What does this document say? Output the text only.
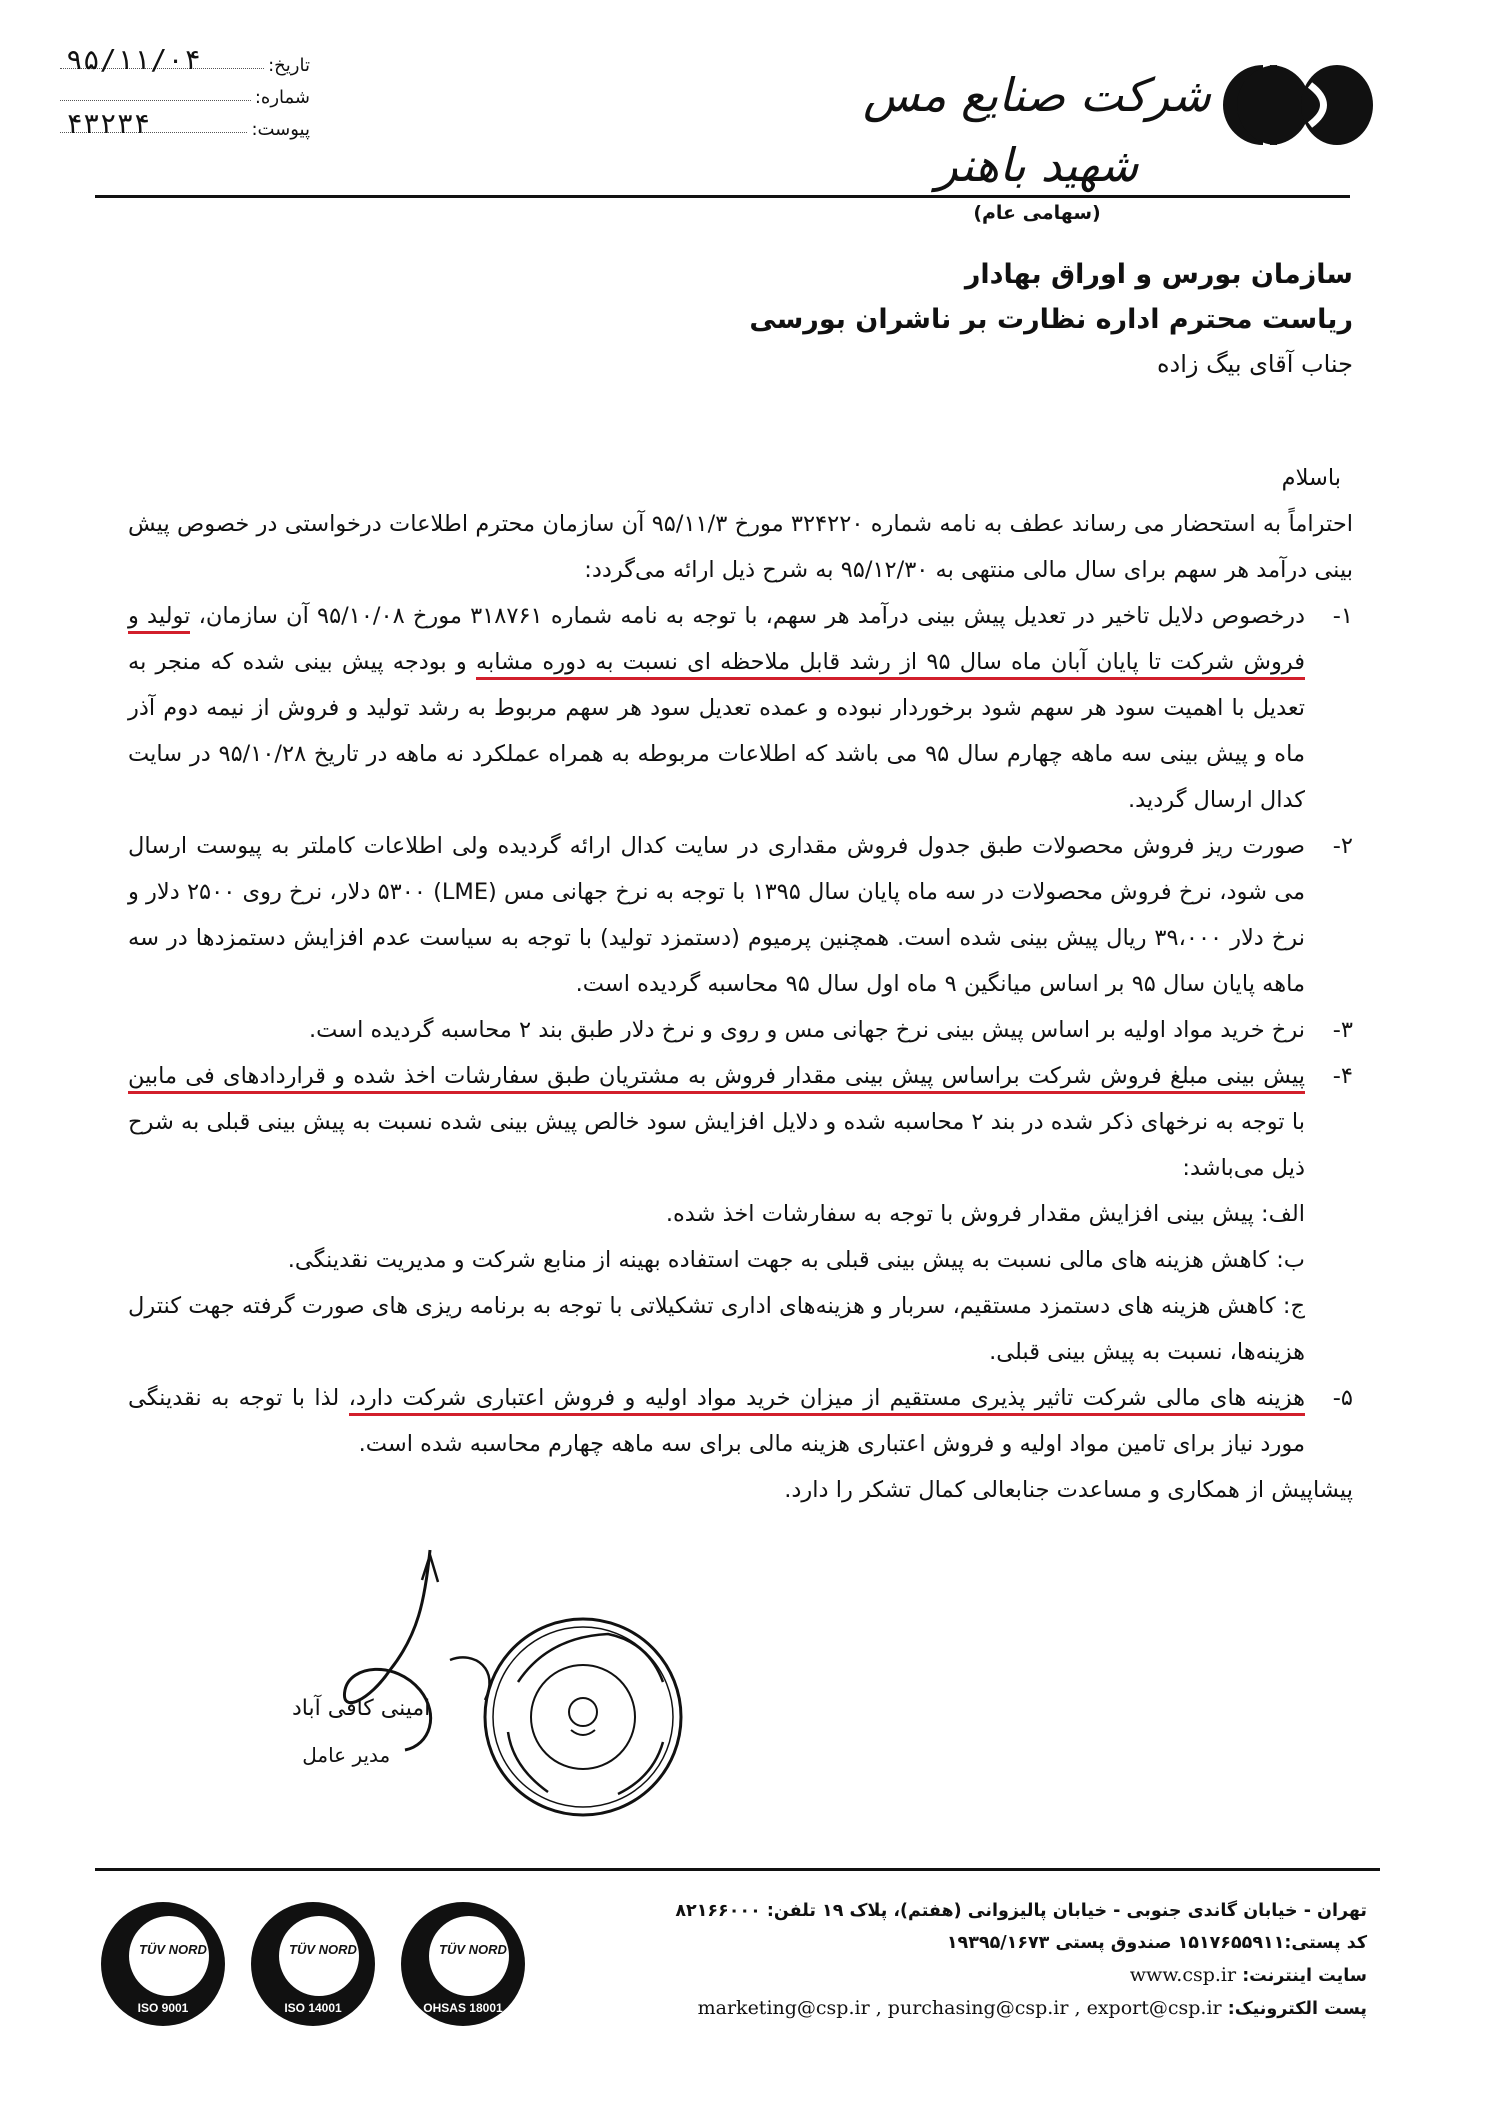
شرکت صنایع مس شهید باهنر
(سهامی عام)
تاریخ:
۹۵/۱۱/۰۴
شماره:
پیوست:
۴۳۲۳۴
سازمان بورس و اوراق بهادار
ریاست محترم اداره نظارت بر ناشران بورسی
جناب آقای بیگ زاده
باسلام

احتراماً به استحضار می رساند عطف به نامه شماره ۳۲۴۲۲۰ مورخ ۹۵/۱۱/۳ آن سازمان محترم اطلاعات درخواستی در خصوص پیش بینی درآمد هر سهم برای سال مالی منتهی به ۹۵/۱۲/۳۰ به شرح ذیل ارائه می‌گردد:

۱-
درخصوص دلایل تاخیر در تعدیل پیش بینی درآمد هر سهم، با توجه به نامه شماره ۳۱۸۷۶۱ مورخ ۹۵/۱۰/۰۸ آن سازمان، تولید و فروش شرکت تا پایان آبان ماه سال ۹۵ از رشد قابل ملاحظه ای نسبت به دوره مشابه و بودجه پیش بینی شده که منجر به تعدیل با اهمیت سود هر سهم شود برخوردار نبوده و عمده تعدیل سود هر سهم مربوط به رشد تولید و فروش از نیمه دوم آذر ماه و پیش بینی سه ماهه چهارم سال ۹۵ می باشد که اطلاعات مربوطه به همراه عملکرد نه ماهه در تاریخ ۹۵/۱۰/۲۸ در سایت کدال ارسال گردید.
۲-
صورت ریز فروش محصولات طبق جدول فروش مقداری در سایت کدال ارائه گردیده ولی اطلاعات کاملتر به پیوست ارسال می شود، نرخ فروش محصولات در سه ماه پایان سال ۱۳۹۵ با توجه به نرخ جهانی مس (LME) ۵۳۰۰ دلار، نرخ روی ۲۵۰۰ دلار و نرخ دلار ۳۹،۰۰۰ ریال پیش بینی شده است. همچنین پرمیوم (دستمزد تولید) با توجه به سیاست عدم افزایش دستمزدها در سه ماهه پایان سال ۹۵ بر اساس میانگین ۹ ماه اول سال ۹۵ محاسبه گردیده است.
۳-
نرخ خرید مواد اولیه بر اساس پیش بینی نرخ جهانی مس و روی و نرخ دلار طبق بند ۲ محاسبه گردیده است.
۴-
پیش بینی مبلغ فروش شرکت براساس پیش بینی مقدار فروش به مشتریان طبق سفارشات اخذ شده و قراردادهای فی مابین با توجه به نرخهای ذکر شده در بند ۲ محاسبه شده و دلایل افزایش سود خالص پیش بینی شده نسبت به پیش بینی قبلی به شرح ذیل می‌باشد:
الف: پیش بینی افزایش مقدار فروش با توجه به سفارشات اخذ شده.
ب: کاهش هزینه های مالی نسبت به پیش بینی قبلی به جهت استفاده بهینه از منابع شرکت و مدیریت نقدینگی.
ج: کاهش هزینه های دستمزد مستقیم، سربار و هزینه‌های اداری تشکیلاتی با توجه به برنامه ریزی های صورت گرفته جهت کنترل هزینه‌ها، نسبت به پیش بینی قبلی.
۵-
هزینه های مالی شرکت تاثیر پذیری مستقیم از میزان خرید مواد اولیه و فروش اعتباری شرکت دارد، لذا با توجه به نقدینگی مورد نیاز برای تامین مواد اولیه و فروش اعتباری هزینه مالی برای سه ماهه چهارم محاسبه شده است.
پیشاپیش از همکاری و مساعدت جنابعالی کمال تشکر را دارد.
امینی کافی آباد
مدیر عامل
تهران - خیابان گاندی جنوبی - خیابان پالیزوانی (هفتم)، پلاک ۱۹ تلفن: ۸۲۱۶۶۰۰۰
کد پستی:۱۵۱۷۶۵۵۹۱۱ صندوق پستی ۱۹۳۹۵/۱۶۷۳
سایت اینترنت: www.csp.ir
پست الکترونیک: marketing@csp.ir , purchasing@csp.ir , export@csp.ir
TÜV NORD
ISO 9001
TÜV NORD
ISO 14001
TÜV NORD
OHSAS 18001
